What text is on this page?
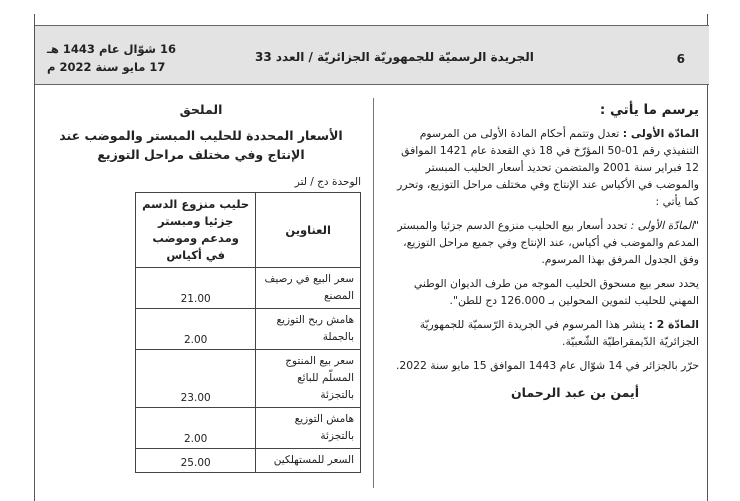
6
الجريدة الرسميّة للجمهوريّة الجزائريّة / العدد 33
16 شوّال عام 1443 هـ
17 مايو سنة 2022 م

يرسم ما يأتي :

المادّة الأولى : تعدل وتتمم أحكام المادة الأولى من المرسوم التنفيذي رقم 01-50 المؤرّخ في 18 ذي القعدة عام 1421 الموافق 12 فبراير سنة 2001 والمتضمن تحديد أسعار الحليب المبستر والموضب في الأكياس عند الإنتاج وفي مختلف مراحل التوزيع، وتحرر كما يأتي :

"المادّة الأولى : تحدد أسعار بيع الحليب منزوع الدسم جزئيا والمبستر المدعم والموضب في أكياس، عند الإنتاج وفي جميع مراحل التوزيع، وفق الجدول المرفق بهذا المرسوم.

يحدد سعر بيع مسحوق الحليب الموجه من طرف الديوان الوطني المهني للحليب لتموين المحولين بـ 126.000 دج للطن".

المادّة 2 : ينشر هذا المرسوم في الجريدة الرّسميّة للجمهوريّة الجزائريّة الدّيمقراطيّة الشّعبيّة.

حرّر بالجزائر في 14 شوّال عام 1443 الموافق 15 مايو سنة 2022.

أيمن بن عبد الرحمان

الملحق
الأسعار المحددة للحليب المبستر والموضب عند الإنتاج وفي مختلف مراحل التوزيع
الوحدة دج / لتر
العناوين	حليب منزوع الدسم جزئيا ومبستر ومدعم وموضب في أكياس
سعر البيع في رصيف المصنع	21.00
هامش ربح التوزيع بالجملة	2.00
سعر بيع المنتوج المسلّم للبائع بالتجزئة	23.00
هامش التوزيع بالتجزئة	2.00
السعر للمستهلكين	25.00
